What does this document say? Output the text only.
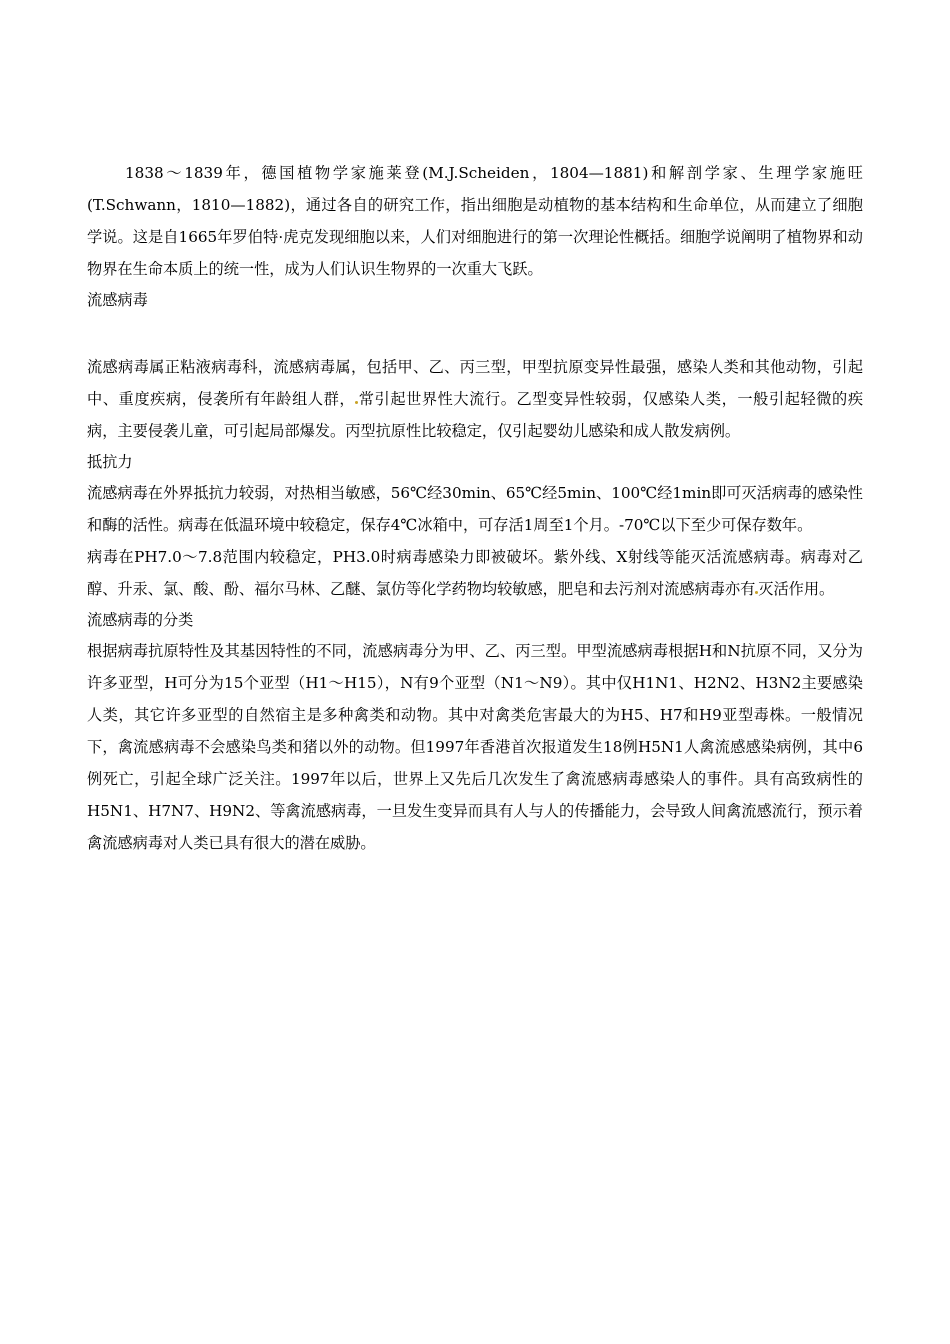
1838～1839年，德国植物学家施莱登(M.J.Scheiden，1804—1881)和解剖学家、生理学家施旺(T.Schwann，1810—1882)，通过各自的研究工作，指出细胞是动植物的基本结构和生命单位，从而建立了细胞学说。这是自1665年罗伯特·虎克发现细胞以来，人们对细胞进行的第一次理论性概括。细胞学说阐明了植物界和动物界在生命本质上的统一性，成为人们认识生物界的一次重大飞跃。

流感病毒

流感病毒属正粘液病毒科，流感病毒属，包括甲、乙、丙三型，甲型抗原变异性最强，感染人类和其他动物，引起中、重度疾病，侵袭所有年龄组人群， 常引起世界性大流行。乙型变异性较弱，仅感染人类，一般引起轻微的疾病，主要侵袭儿童，可引起局部爆发。丙型抗原性比较稳定，仅引起婴幼儿感染和成人散发病例。

抵抗力

流感病毒在外界抵抗力较弱，对热相当敏感，56℃经30min、65℃经5min、100℃经1min即可灭活病毒的感染性和酶的活性。病毒在低温环境中较稳定，保存4℃冰箱中，可存活1周至1个月。-70℃以下至少可保存数年。

病毒在PH7.0～7.8范围内较稳定，PH3.0时病毒感染力即被破坏。紫外线、X射线等能灭活流感病毒。病毒对乙醇、升汞、氯、酸、酚、福尔马林、乙醚、氯仿等化学药物均较敏感，肥皂和去污剂对流感病毒亦有 灭活作用。

流感病毒的分类

根据病毒抗原特性及其基因特性的不同，流感病毒分为甲、乙、丙三型。甲型流感病毒根据H和N抗原不同，又分为许多亚型，H可分为15个亚型（H1～H15），N有9个亚型（N1～N9）。其中仅H1N1、H2N2、H3N2主要感染人类，其它许多亚型的自然宿主是多种禽类和动物。其中对禽类危害最大的为H5、H7和H9亚型毒株。一般情况下，禽流感病毒不会感染鸟类和猪以外的动物。但1997年香港首次报道发生18例H5N1人禽流感感染病例，其中6例死亡，引起全球广泛关注。1997年以后，世界上又先后几次发生了禽流感病毒感染人的事件。具有高致病性的H5N1、H7N7、H9N2、等禽流感病毒，一旦发生变异而具有人与人的传播能力，会导致人间禽流感流行，预示着禽流感病毒对人类已具有很大的潜在威胁。
